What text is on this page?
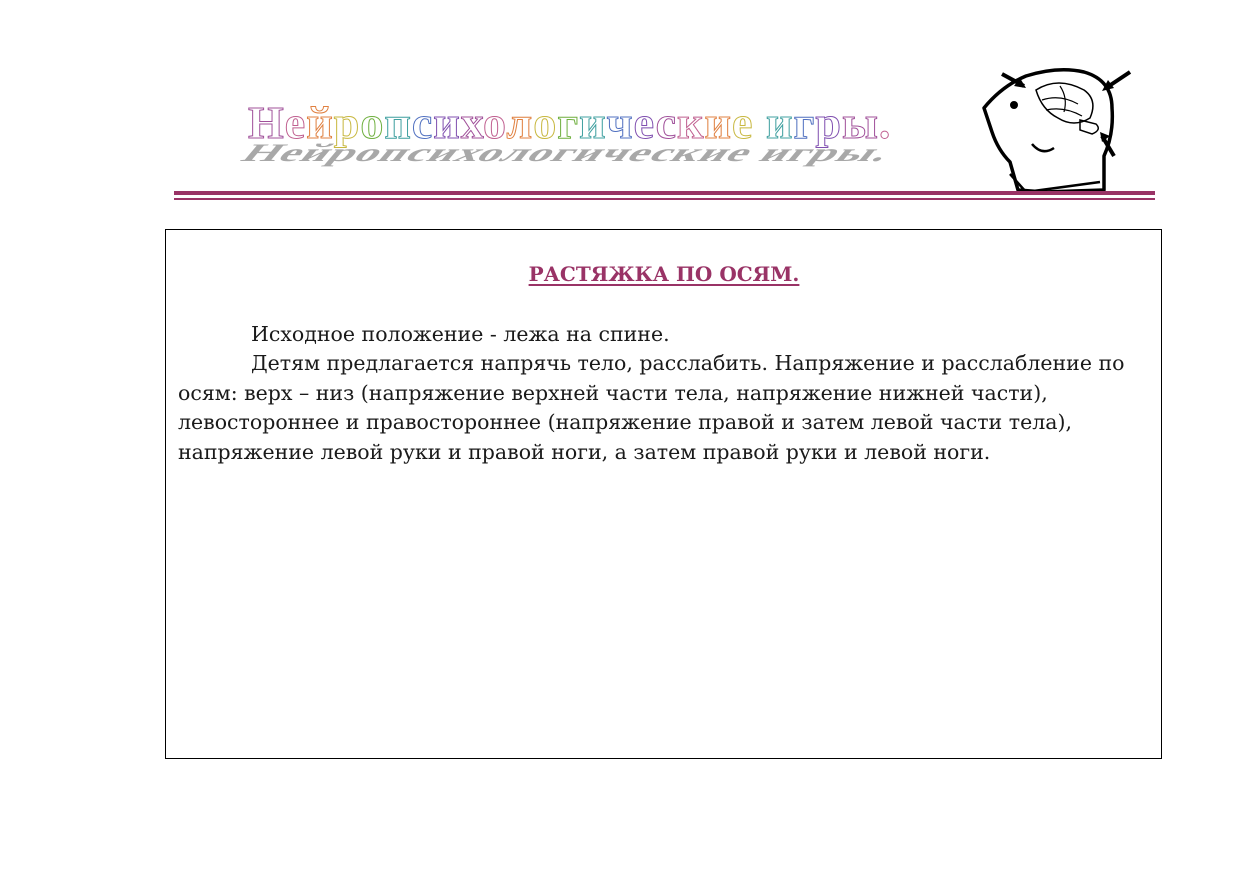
Нейропсихологические игры.
Нейропсихологические игры.
РАСТЯЖКА ПО ОСЯМ.

Исходное положение - лежа на спине.

Детям предлагается напрячь тело, расслабить. Напряжение и расслабление по осям: верх – низ (напряжение верхней части тела, напряжение нижней части), левостороннее и правостороннее (напряжение правой и затем левой части тела), напряжение левой руки и правой ноги, а затем правой руки и левой ноги.
